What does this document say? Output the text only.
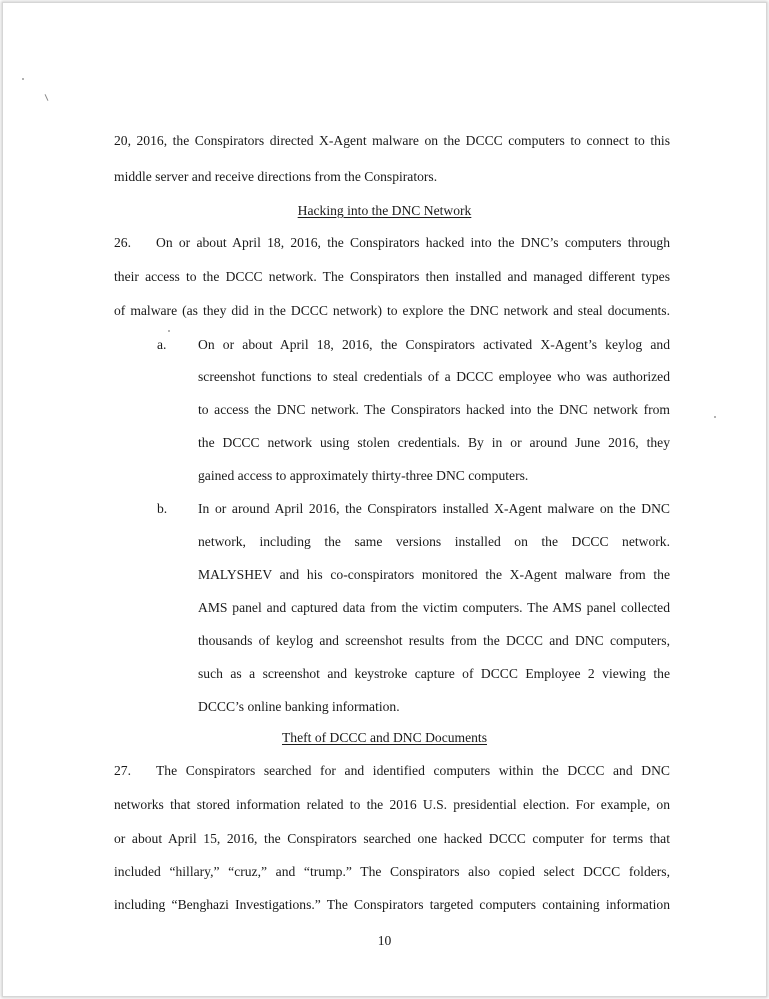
20, 2016, the Conspirators directed X-Agent malware on the DCCC computers to connect to this
middle server and receive directions from the Conspirators.
Hacking into the DNC Network
26. On or about April 18, 2016, the Conspirators hacked into the DNC’s computers through
their access to the DCCC network. The Conspirators then installed and managed different types
of malware (as they did in the DCCC network) to explore the DNC network and steal documents.
a. On or about April 18, 2016, the Conspirators activated X-Agent’s keylog and
screenshot functions to steal credentials of a DCCC employee who was authorized
to access the DNC network. The Conspirators hacked into the DNC network from
the DCCC network using stolen credentials. By in or around June 2016, they
gained access to approximately thirty-three DNC computers.
b. In or around April 2016, the Conspirators installed X-Agent malware on the DNC
network, including the same versions installed on the DCCC network.
MALYSHEV and his co-conspirators monitored the X-Agent malware from the
AMS panel and captured data from the victim computers. The AMS panel collected
thousands of keylog and screenshot results from the DCCC and DNC computers,
such as a screenshot and keystroke capture of DCCC Employee 2 viewing the
DCCC’s online banking information.
Theft of DCCC and DNC Documents
27. The Conspirators searched for and identified computers within the DCCC and DNC
networks that stored information related to the 2016 U.S. presidential election. For example, on
or about April 15, 2016, the Conspirators searched one hacked DCCC computer for terms that
included “hillary,” “cruz,” and “trump.” The Conspirators also copied select DCCC folders,
including “Benghazi Investigations.” The Conspirators targeted computers containing information
10
